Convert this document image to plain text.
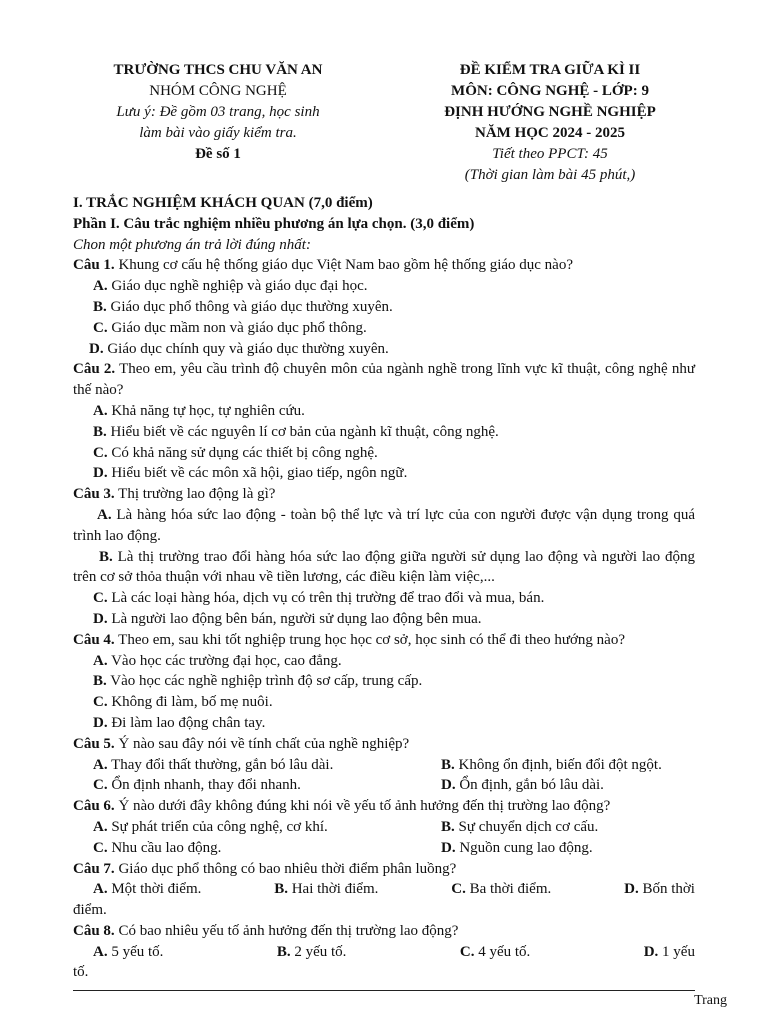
TRƯỜNG THCS CHU VĂN AN
NHÓM CÔNG NGHỆ
Lưu ý: Đề gồm 03 trang, học sinh
làm bài vào giấy kiểm tra.
Đề số 1
ĐỀ KIỂM TRA GIỮA KÌ II
MÔN: CÔNG NGHỆ - LỚP: 9
ĐỊNH HƯỚNG NGHỀ NGHIỆP
NĂM HỌC 2024 - 2025
Tiết theo PPCT: 45
(Thời gian làm bài 45 phút,)
I. TRẮC NGHIỆM KHÁCH QUAN (7,0 điểm)
Phần I. Câu trắc nghiệm nhiều phương án lựa chọn. (3,0 điểm)
Chon một phương án trả lời đúng nhất:
Câu 1. Khung cơ cấu hệ thống giáo dục Việt Nam bao gồm hệ thống giáo dục nào?
A. Giáo dục nghề nghiệp và giáo dục đại học.
B. Giáo dục phổ thông và giáo dục thường xuyên.
C. Giáo dục mầm non và giáo dục phổ thông.
D. Giáo dục chính quy và giáo dục thường xuyên.
Câu 2. Theo em, yêu cầu trình độ chuyên môn của ngành nghề trong lĩnh vực kĩ thuật, công nghệ như thế nào?
A. Khả năng tự học, tự nghiên cứu.
B. Hiểu biết về các nguyên lí cơ bản của ngành kĩ thuật, công nghệ.
C. Có khả năng sử dụng các thiết bị công nghệ.
D. Hiểu biết về các môn xã hội, giao tiếp, ngôn ngữ.
Câu 3. Thị trường lao động là gì?
A. Là hàng hóa sức lao động - toàn bộ thể lực và trí lực của con người được vận dụng trong quá trình lao động.
B. Là thị trường trao đổi hàng hóa sức lao động giữa người sử dụng lao động và người lao động trên cơ sở thỏa thuận với nhau về tiền lương, các điều kiện làm việc,...
C. Là các loại hàng hóa, dịch vụ có trên thị trường để trao đổi và mua, bán.
D. Là người lao động bên bán, người sử dụng lao động bên mua.
Câu 4. Theo em, sau khi tốt nghiệp trung học học cơ sở, học sinh có thể đi theo hướng nào?
A. Vào học các trường đại học, cao đẳng.
B. Vào học các nghề nghiệp trình độ sơ cấp, trung cấp.
C. Không đi làm, bố mẹ nuôi.
D. Đi làm lao động chân tay.
Câu 5. Ý nào sau đây nói về tính chất của nghề nghiệp?
A. Thay đổi thất thường, gắn bó lâu dài.	B. Không ổn định, biến đổi đột ngột.
C. Ổn định nhanh, thay đổi nhanh.	D. Ổn định, gắn bó lâu dài.
Câu 6. Ý nào dưới đây không đúng khi nói về yếu tố ảnh hưởng đến thị trường lao động?
A. Sự phát triển của công nghệ, cơ khí.	B. Sự chuyển dịch cơ cấu.
C. Nhu cầu lao động.	D. Nguồn cung lao động.
Câu 7. Giáo dục phổ thông có bao nhiêu thời điểm phân luồng?
A. Một thời điểm.	B. Hai thời điểm.	C. Ba thời điểm.	D. Bốn thời
điểm.
Câu 8. Có bao nhiêu yếu tố ảnh hưởng đến thị trường lao động?
A. 5 yếu tố.	B. 2 yếu tố.	C. 4 yếu tố.	D. 1 yếu
tố.
Trang
